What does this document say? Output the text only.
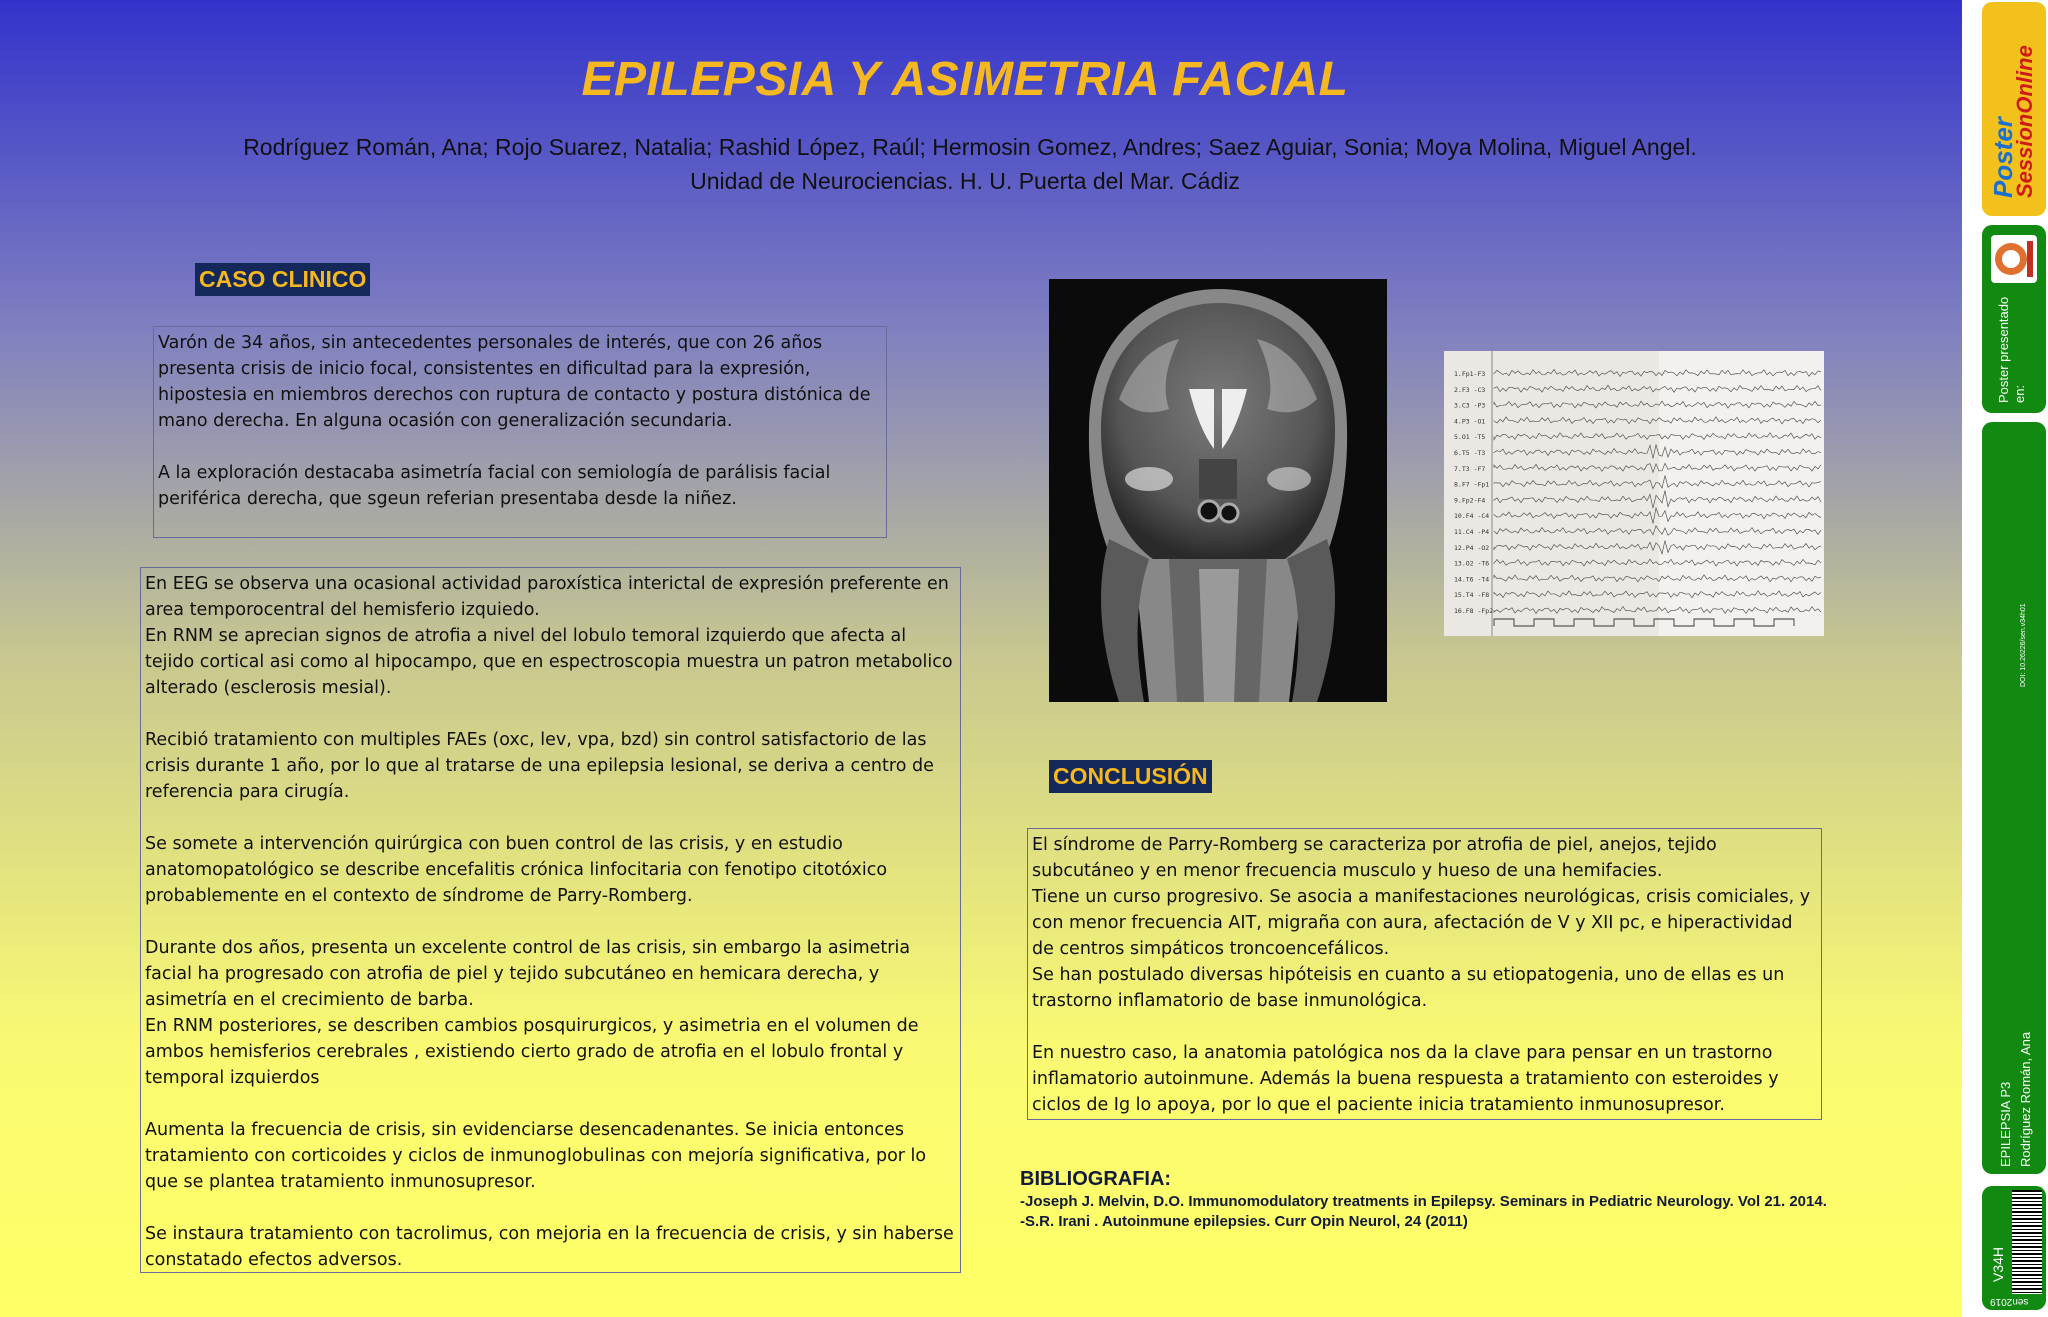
EPILEPSIA Y ASIMETRIA FACIAL
Rodríguez Román, Ana; Rojo Suarez, Natalia; Rashid López, Raúl; Hermosin Gomez, Andres; Saez Aguiar, Sonia; Moya Molina, Miguel Angel.
Unidad de Neurociencias. H. U. Puerta del Mar. Cádiz
CASO CLINICO

Varón de 34 años, sin antecedentes personales de interés, que con 26 años presenta crisis de inicio focal, consistentes en dificultad para la expresión, hipostesia en miembros derechos con ruptura de contacto y postura distónica de mano derecha. En alguna ocasión con generalización secundaria.

A la exploración destacaba asimetría facial con semiología de parálisis facial periférica derecha, que sgeun referian presentaba desde la niñez.

En EEG se observa una ocasional actividad paroxística interictal de expresión preferente en area temporocentral del hemisferio izquiedo.

En RNM se aprecian signos de atrofia a nivel del lobulo temoral izquierdo que afecta al tejido cortical asi como al hipocampo, que en espectroscopia muestra un patron metabolico alterado (esclerosis mesial).

Recibió tratamiento con multiples FAEs (oxc, lev, vpa, bzd) sin control satisfactorio de las crisis durante 1 año, por lo que al tratarse de una epilepsia lesional, se deriva a centro de referencia para cirugía.

Se somete a intervención quirúrgica con buen control de las crisis, y en estudio anatomopatológico se describe encefalitis crónica linfocitaria con fenotipo citotóxico probablemente en el contexto de síndrome de Parry-Romberg.

Durante dos años, presenta un excelente control de las crisis, sin embargo la asimetria facial ha progresado con atrofia de piel y tejido subcutáneo en hemicara derecha, y asimetría en el crecimiento de barba.

En RNM posteriores, se describen cambios posquirurgicos, y asimetria en el volumen de ambos hemisferios cerebrales , existiendo cierto grado de atrofia en el lobulo frontal y temporal izquierdos

Aumenta la frecuencia de crisis, sin evidenciarse desencadenantes. Se inicia entonces tratamiento con corticoides y ciclos de inmunoglobulinas con mejoría significativa, por lo que se plantea tratamiento inmunosupresor.

Se instaura tratamiento con tacrolimus, con mejoria en la frecuencia de crisis, y sin haberse constatado efectos adversos.

1.Fp1-F3
2.F3 -C3
3.C3 -P3
4.P3 -O1
5.O1 -T5
6.T5 -T3
7.T3 -F7
8.F7 -Fp1
9.Fp2-F4
10.F4 -C4
11.C4 -P4
12.P4 -O2
13.O2 -T6
14.T6 -T4
15.T4 -F8
16.F8 -Fp2
CONCLUSIÓN
El síndrome de Parry-Romberg se caracteriza por atrofia de piel, anejos, tejido subcutáneo y en menor frecuencia musculo y hueso de una hemifacies.
Tiene un curso progresivo. Se asocia a manifestaciones neurológicas, crisis comiciales, y con menor frecuencia AIT, migraña con aura, afectación de V y XII pc, e hiperactividad de centros simpáticos troncoencefálicos.

Se han postulado diversas hipóteisis en cuanto a su etiopatogenia, uno de ellas es un trastorno inflamatorio de base inmunológica.

En nuestro caso, la anatomia patológica nos da la clave para pensar en un trastorno inflamatorio autoinmune. Además la buena respuesta a tratamiento con esteroides y ciclos de Ig lo apoya, por lo que el paciente inicia tratamiento inmunosupresor.

BIBLIOGRAFIA:
-Joseph J. Melvin, D.O. Immunomodulatory treatments in Epilepsy. Seminars in Pediatric Neurology. Vol 21. 2014.
-S.R. Irani . Autoinmune epilepsies. Curr Opin Neurol, 24 (2011)
Poster
SessionOnline
Poster presentado en:
DOI: 10.26226/sen.v34h01
EPILEPSIA P3 Rodríguez Román, Ana
V34H
sen2019
